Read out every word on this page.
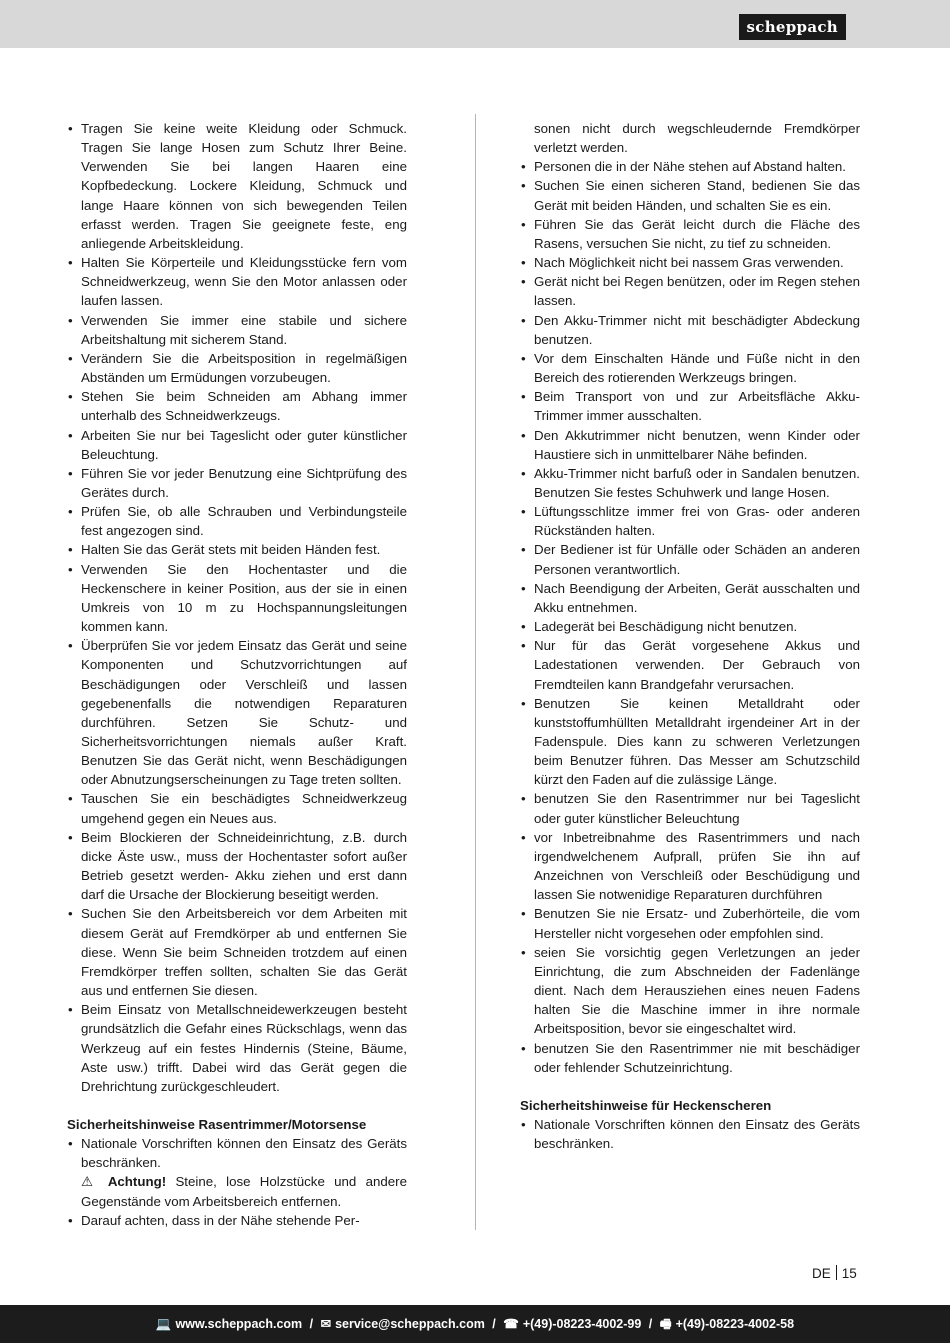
scheppach
• Tragen Sie keine weite Kleidung oder Schmuck. Tragen Sie lange Hosen zum Schutz Ihrer Beine. Verwenden Sie bei langen Haaren eine Kopfbedeckung. Lockere Kleidung, Schmuck und lange Haare können von sich bewegenden Teilen erfasst werden. Tragen Sie geeignete feste, eng anliegende Arbeitskleidung.
• Halten Sie Körperteile und Kleidungsstücke fern vom Schneidwerkzeug, wenn Sie den Motor anlassen oder laufen lassen.
• Verwenden Sie immer eine stabile und sichere Arbeitshaltung mit sicherem Stand.
• Verändern Sie die Arbeitsposition in regelmäßigen Abständen um Ermüdungen vorzubeugen.
• Stehen Sie beim Schneiden am Abhang immer unterhalb des Schneidwerkzeugs.
• Arbeiten Sie nur bei Tageslicht oder guter künstlicher Beleuchtung.
• Führen Sie vor jeder Benutzung eine Sichtprüfung des Gerätes durch.
• Prüfen Sie, ob alle Schrauben und Verbindungsteile fest angezogen sind.
• Halten Sie das Gerät stets mit beiden Händen fest.
• Verwenden Sie den Hochentaster und die Heckenschere in keiner Position, aus der sie in einen Umkreis von 10 m zu Hochspannungsleitungen kommen kann.
• Überprüfen Sie vor jedem Einsatz das Gerät und seine Komponenten und Schutzvorrichtungen auf Beschädigungen oder Verschleiß und lassen gegebenenfalls die notwendigen Reparaturen durchführen. Setzen Sie Schutz- und Sicherheitsvorrichtungen niemals außer Kraft. Benutzen Sie das Gerät nicht, wenn Beschädigungen oder Abnutzungserscheinungen zu Tage treten sollten.
• Tauschen Sie ein beschädigtes Schneidwerkzeug umgehend gegen ein Neues aus.
• Beim Blockieren der Schneideinrichtung, z.B. durch dicke Äste usw., muss der Hochentaster sofort außer Betrieb gesetzt werden- Akku ziehen und erst dann darf die Ursache der Blockierung beseitigt werden.
• Suchen Sie den Arbeitsbereich vor dem Arbeiten mit diesem Gerät auf Fremdkörper ab und entfernen Sie diese. Wenn Sie beim Schneiden trotzdem auf einen Fremdkörper treffen sollten, schalten Sie das Gerät aus und entfernen Sie diesen.
• Beim Einsatz von Metallschneidewerkzeugen besteht grundsätzlich die Gefahr eines Rückschlags, wenn das Werkzeug auf ein festes Hindernis (Steine, Bäume, Aste usw.) trifft. Dabei wird das Gerät gegen die Drehrichtung zurückgeschleudert.
Sicherheitshinweise Rasentrimmer/Motorsense
• Nationale Vorschriften können den Einsatz des Geräts beschränken.
⚠ Achtung! Steine, lose Holzstücke und andere Gegenstände vom Arbeitsbereich entfernen.
• Darauf achten, dass in der Nähe stehende Per-
sonen nicht durch wegschleudernde Fremdkörper verletzt werden.
• Personen die in der Nähe stehen auf Abstand halten.
• Suchen Sie einen sicheren Stand, bedienen Sie das Gerät mit beiden Händen, und schalten Sie es ein.
• Führen Sie das Gerät leicht durch die Fläche des Rasens, versuchen Sie nicht, zu tief zu schneiden.
• Nach Möglichkeit nicht bei nassem Gras verwenden.
• Gerät nicht bei Regen benützen, oder im Regen stehen lassen.
• Den Akku-Trimmer nicht mit beschädigter Abdeckung benutzen.
• Vor dem Einschalten Hände und Füße nicht in den Bereich des rotierenden Werkzeugs bringen.
• Beim Transport von und zur Arbeitsfläche Akku-Trimmer immer ausschalten.
• Den Akkutrimmer nicht benutzen, wenn Kinder oder Haustiere sich in unmittelbarer Nähe befinden.
• Akku-Trimmer nicht barfuß oder in Sandalen benutzen. Benutzen Sie festes Schuhwerk und lange Hosen.
• Lüftungsschlitze immer frei von Gras- oder anderen Rückständen halten.
• Der Bediener ist für Unfälle oder Schäden an anderen Personen verantwortlich.
• Nach Beendigung der Arbeiten, Gerät ausschalten und Akku entnehmen.
• Ladegerät bei Beschädigung nicht benutzen.
• Nur für das Gerät vorgesehene Akkus und Ladestationen verwenden. Der Gebrauch von Fremdteilen kann Brandgefahr verursachen.
• Benutzen Sie keinen Metalldraht oder kunststoffumhüllten Metalldraht irgendeiner Art in der Fadenspule. Dies kann zu schweren Verletzungen beim Benutzer führen. Das Messer am Schutzschild kürzt den Faden auf die zulässige Länge.
• benutzen Sie den Rasentrimmer nur bei Tageslicht oder guter künstlicher Beleuchtung
• vor Inbetreibnahme des Rasentrimmers und nach irgendwelchenem Aufprall, prüfen Sie ihn auf Anzeichnen von Verschleiß oder Beschüdigung und lassen Sie notwenidige Reparaturen durchführen
• Benutzen Sie nie Ersatz- und Zuberhörteile, die vom Hersteller nicht vorgesehen oder empfohlen sind.
• seien Sie vorsichtig gegen Verletzungen an jeder Einrichtung, die zum Abschneiden der Fadenlänge dient. Nach dem Herausziehen eines neuen Fadens halten Sie die Maschine immer in ihre normale Arbeitsposition, bevor sie eingeschaltet wird.
• benutzen Sie den Rasentrimmer nie mit beschädiger oder fehlender Schutzeinrichtung.
Sicherheitshinweise für Heckenscheren
• Nationale Vorschriften können den Einsatz des Geräts beschränken.
DE 15
💻 www.scheppach.com / ✉ service@scheppach.com / ☎ +(49)-08223-4002-99 / 🖷 +(49)-08223-4002-58
